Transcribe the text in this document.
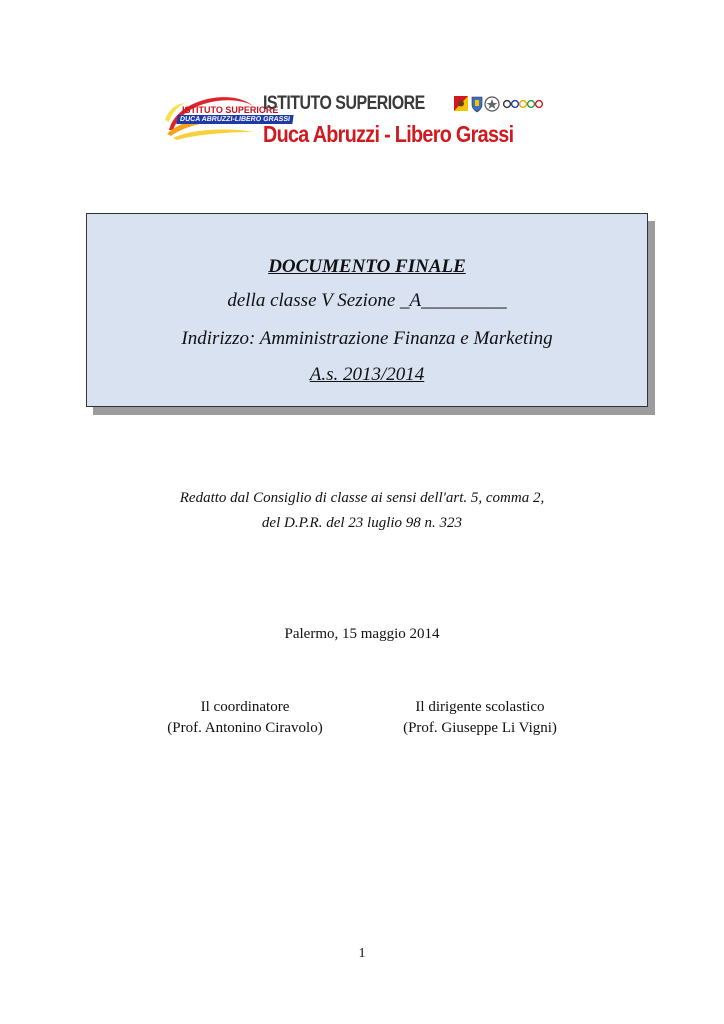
ISTITUTO SUPERIORE
DUCA ABRUZZI-LIBERO GRASSI
ISTITUTO SUPERIORE
Duca Abruzzi - Libero Grassi
DOCUMENTO FINALE
della classe V Sezione _A_________
Indirizzo: Amministrazione Finanza e Marketing
A.s. 2013/2014
Redatto dal Consiglio di classe ai sensi dell'art. 5, comma 2,
del D.P.R. del 23 luglio 98 n. 323
Palermo, 15 maggio 2014
Il coordinatore
(Prof. Antonino Ciravolo)
Il dirigente scolastico
(Prof. Giuseppe Li Vigni)
1
